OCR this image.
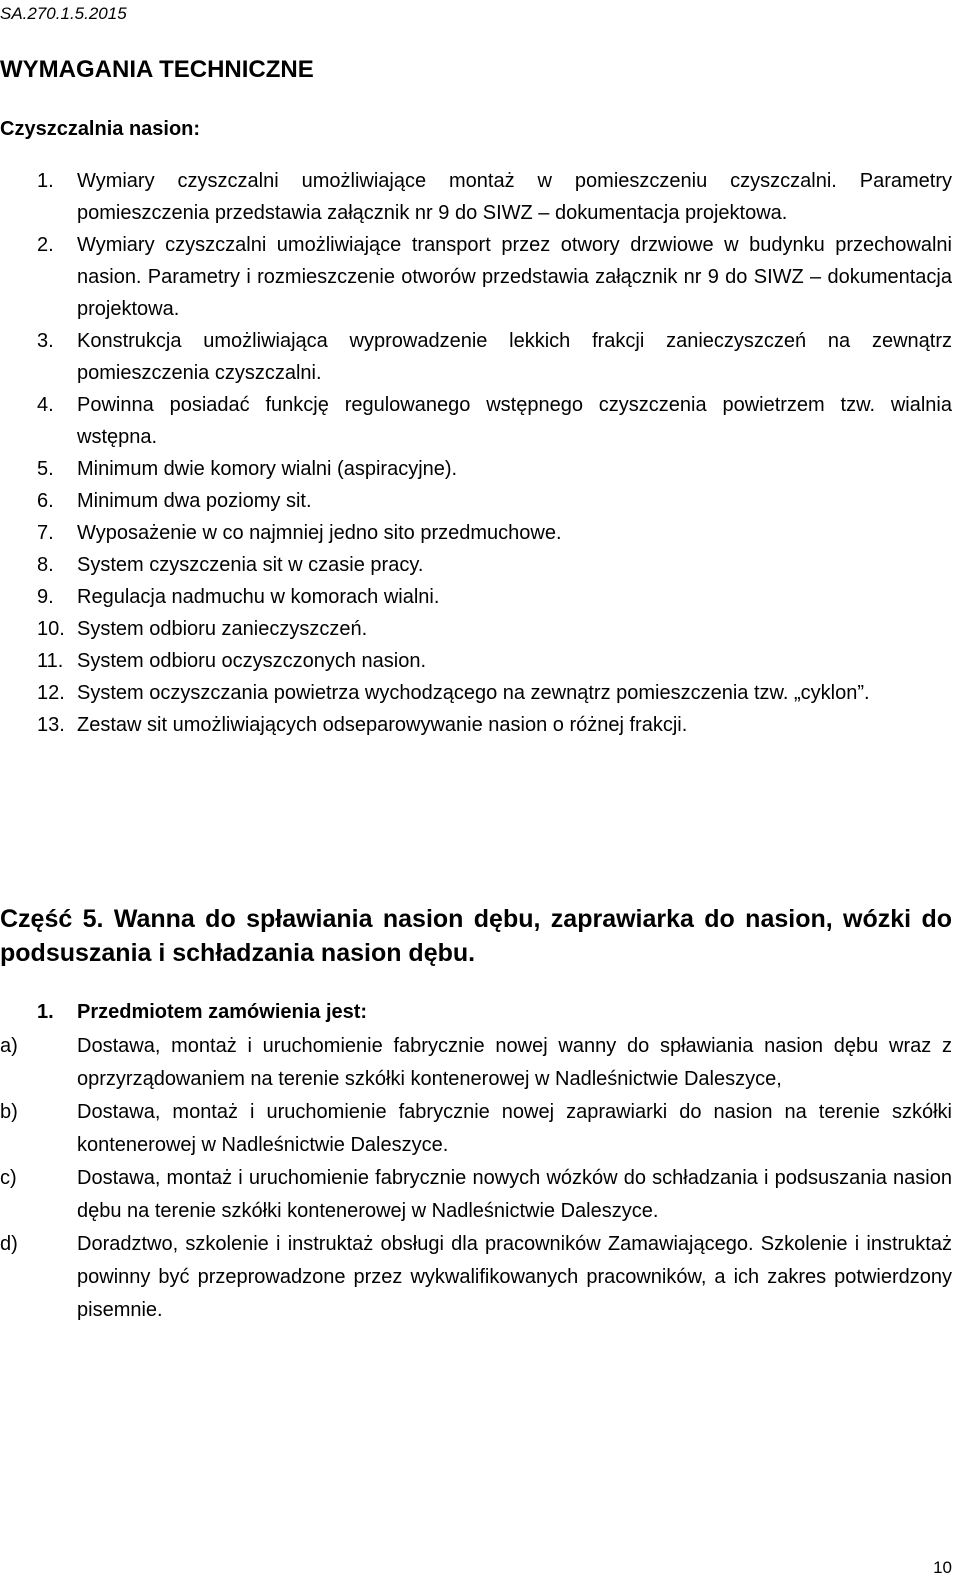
SA.270.1.5.2015
WYMAGANIA TECHNICZNE
Czyszczalnia nasion:
1. Wymiary czyszczalni umożliwiające montaż w pomieszczeniu czyszczalni. Parametry pomieszczenia przedstawia załącznik nr 9 do SIWZ – dokumentacja projektowa.
2. Wymiary czyszczalni umożliwiające transport przez otwory drzwiowe w budynku przechowalni nasion. Parametry i rozmieszczenie otworów przedstawia załącznik nr 9 do SIWZ – dokumentacja projektowa.
3. Konstrukcja umożliwiająca wyprowadzenie lekkich frakcji zanieczyszczeń na zewnątrz pomieszczenia czyszczalni.
4. Powinna posiadać funkcję regulowanego wstępnego czyszczenia powietrzem tzw. wialnia wstępna.
5. Minimum dwie komory wialni (aspiracyjne).
6. Minimum dwa poziomy sit.
7. Wyposażenie w co najmniej jedno sito przedmuchowe.
8. System czyszczenia sit w czasie pracy.
9. Regulacja nadmuchu w komorach wialni.
10. System odbioru zanieczyszczeń.
11. System odbioru oczyszczonych nasion.
12. System oczyszczania powietrza wychodzącego na zewnątrz pomieszczenia tzw. „cyklon”.
13. Zestaw sit umożliwiających odseparowywanie nasion o różnej frakcji.
Część 5. Wanna do spławiania nasion dębu, zaprawiarka do nasion, wózki do podsuszania i schładzania nasion dębu.
1. Przedmiotem zamówienia jest:
a)	Dostawa, montaż i uruchomienie fabrycznie nowej wanny do spławiania nasion dębu wraz z oprzyrządowaniem na terenie szkółki kontenerowej w Nadleśnictwie Daleszyce,
b)	Dostawa, montaż i uruchomienie fabrycznie nowej zaprawiarki do nasion na terenie szkółki kontenerowej w Nadleśnictwie Daleszyce.
c)	Dostawa, montaż i uruchomienie fabrycznie nowych wózków do schładzania i podsuszania nasion dębu na terenie szkółki kontenerowej w Nadleśnictwie Daleszyce.
d)	Doradztwo, szkolenie i instruktaż obsługi dla pracowników Zamawiającego. Szkolenie i instruktaż powinny być przeprowadzone przez wykwalifikowanych pracowników, a ich zakres potwierdzony pisemnie.
10
